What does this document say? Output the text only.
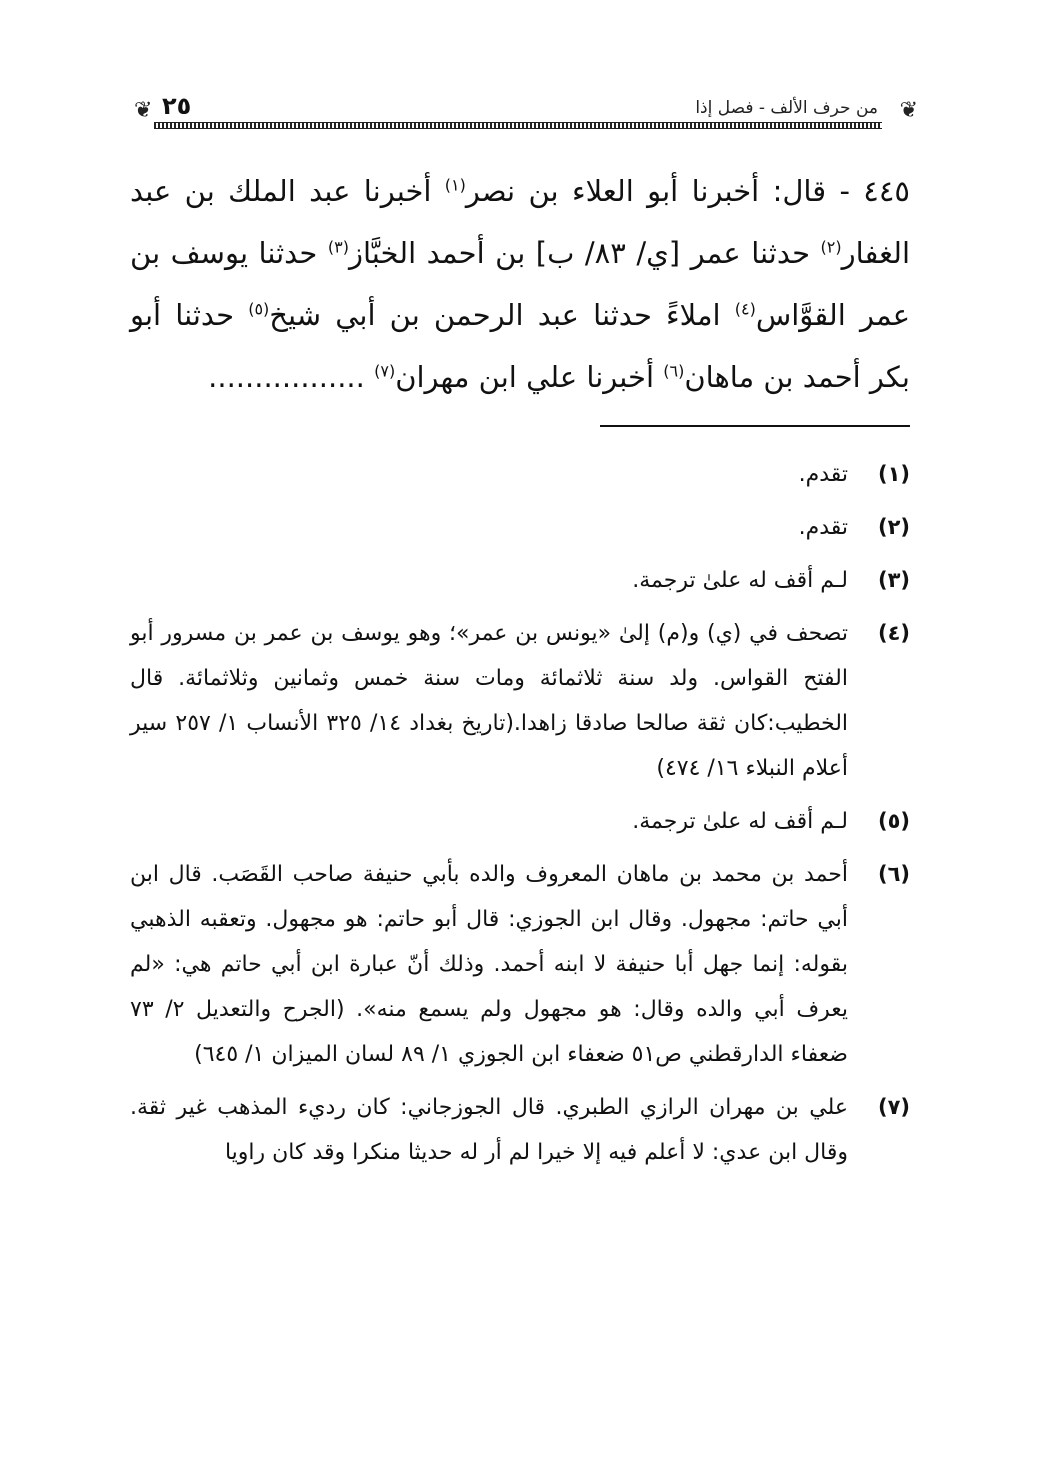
❦
من حرف الألف - فصل إذا
٢٥
❦

٤٤٥ - قال: أخبرنا أبو العلاء بن نصر$^{(١)}$ أخبرنا عبد الملك بن عبد الغفار$^{(٢)}$ حدثنا عمر [ي/ ٨٣/ ب] بن أحمد الخبَّاز$^{(٣)}$ حدثنا يوسف بن عمر القوَّاس$^{(٤)}$ املاءً حدثنا عبد الرحمن بن أبي شيخ$^{(٥)}$ حدثنا أبو بكر أحمد بن ماهان$^{(٦)}$ أخبرنا علي ابن مهران$^{(٧)}$ .................

(١)
تقدم.
(٢)
تقدم.
(٣)
لـم أقف له علىٰ ترجمة.
(٤)
تصحف في (ي) و(م) إلىٰ «يونس بن عمر»؛ وهو يوسف بن عمر بن مسرور أبو الفتح القواس. ولد سنة ثلاثمائة ومات سنة خمس وثمانين وثلاثمائة. قال الخطيب:كان ثقة صالحا صادقا زاهدا.(تاريخ بغداد ١٤/ ٣٢٥ الأنساب ١/ ٢٥٧ سير أعلام النبلاء ١٦/ ٤٧٤)
(٥)
لـم أقف له علىٰ ترجمة.
(٦)
أحمد بن محمد بن ماهان المعروف والده بأبي حنيفة صاحب القَصَب. قال ابن أبي حاتم: مجهول. وقال ابن الجوزي: قال أبو حاتم: هو مجهول. وتعقبه الذهبي بقوله: إنما جهل أبا حنيفة لا ابنه أحمد. وذلك أنّ عبارة ابن أبي حاتم هي: «لم يعرف أبي والده وقال: هو مجهول ولم يسمع منه». (الجرح والتعديل ٢/ ٧٣ ضعفاء الدارقطني ص٥١ ضعفاء ابن الجوزي ١/ ٨٩ لسان الميزان ١/ ٦٤٥)
(٧)
علي بن مهران الرازي الطبري. قال الجوزجاني: كان رديء المذهب غير ثقة. وقال ابن عدي: لا أعلم فيه إلا خيرا لم أر له حديثا منكرا وقد كان راويا
